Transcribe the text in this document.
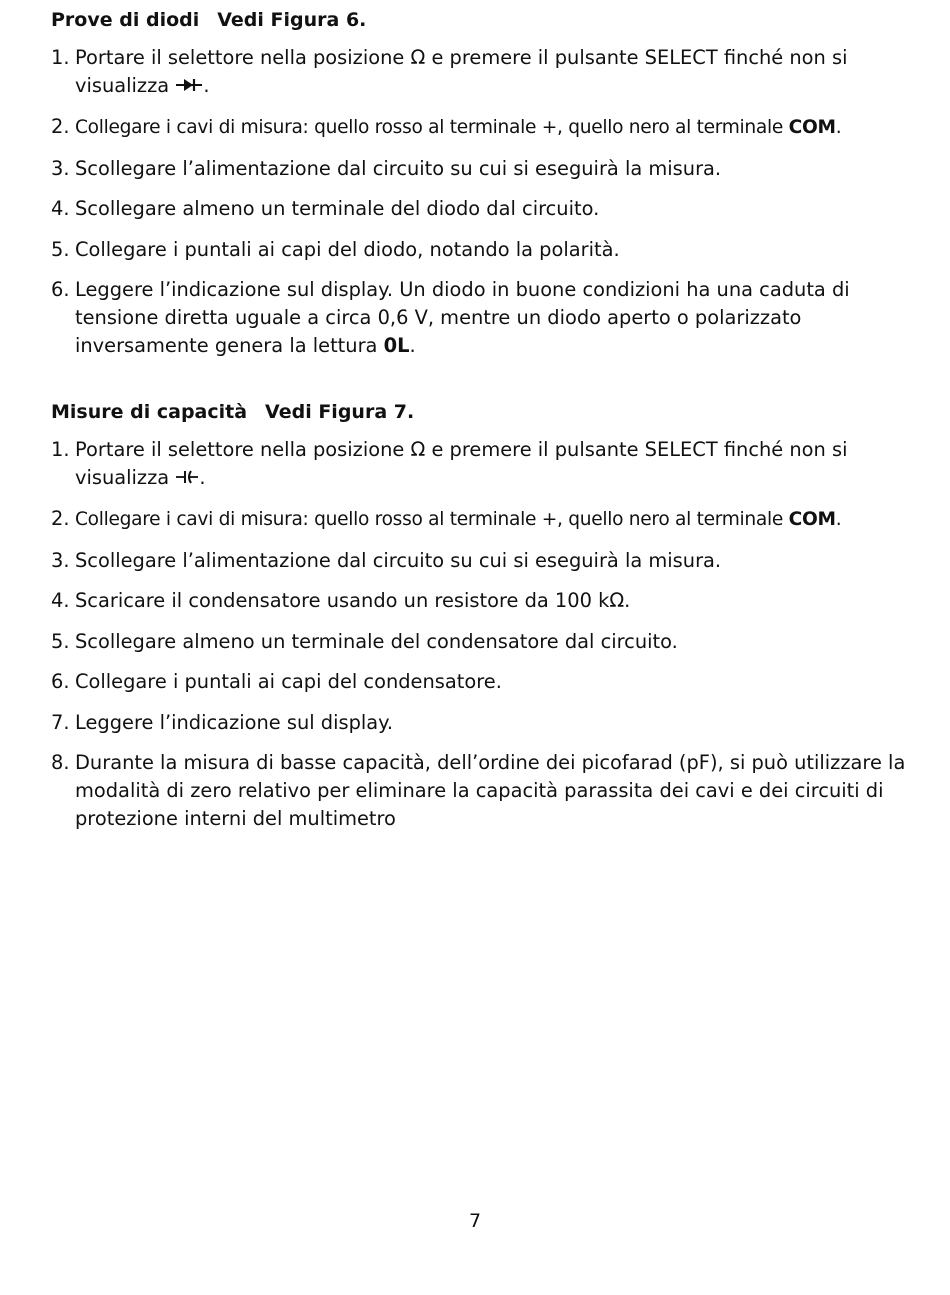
Prove di diodi Vedi Figura 6.
1. Portare il selettore nella posizione Ω e premere il pulsante SELECT finché non si visualizza .
2. Collegare i cavi di misura: quello rosso al terminale +, quello nero al terminale COM.
3. Scollegare l’alimentazione dal circuito su cui si eseguirà la misura.
4. Scollegare almeno un terminale del diodo dal circuito.
5. Collegare i puntali ai capi del diodo, notando la polarità.
6. Leggere l’indicazione sul display. Un diodo in buone condizioni ha una caduta di tensione diretta uguale a circa 0,6 V, mentre un diodo aperto o polarizzato inversamente genera la lettura 0L.
Misure di capacità Vedi Figura 7.
1. Portare il selettore nella posizione Ω e premere il pulsante SELECT finché non si visualizza .
2. Collegare i cavi di misura: quello rosso al terminale +, quello nero al terminale COM.
3. Scollegare l’alimentazione dal circuito su cui si eseguirà la misura.
4. Scaricare il condensatore usando un resistore da 100 kΩ.
5. Scollegare almeno un terminale del condensatore dal circuito.
6. Collegare i puntali ai capi del condensatore.
7. Leggere l’indicazione sul display.
8. Durante la misura di basse capacità, dell’ordine dei picofarad (pF), si può utilizzare la modalità di zero relativo per eliminare la capacità parassita dei cavi e dei circuiti di protezione interni del multimetro
7
